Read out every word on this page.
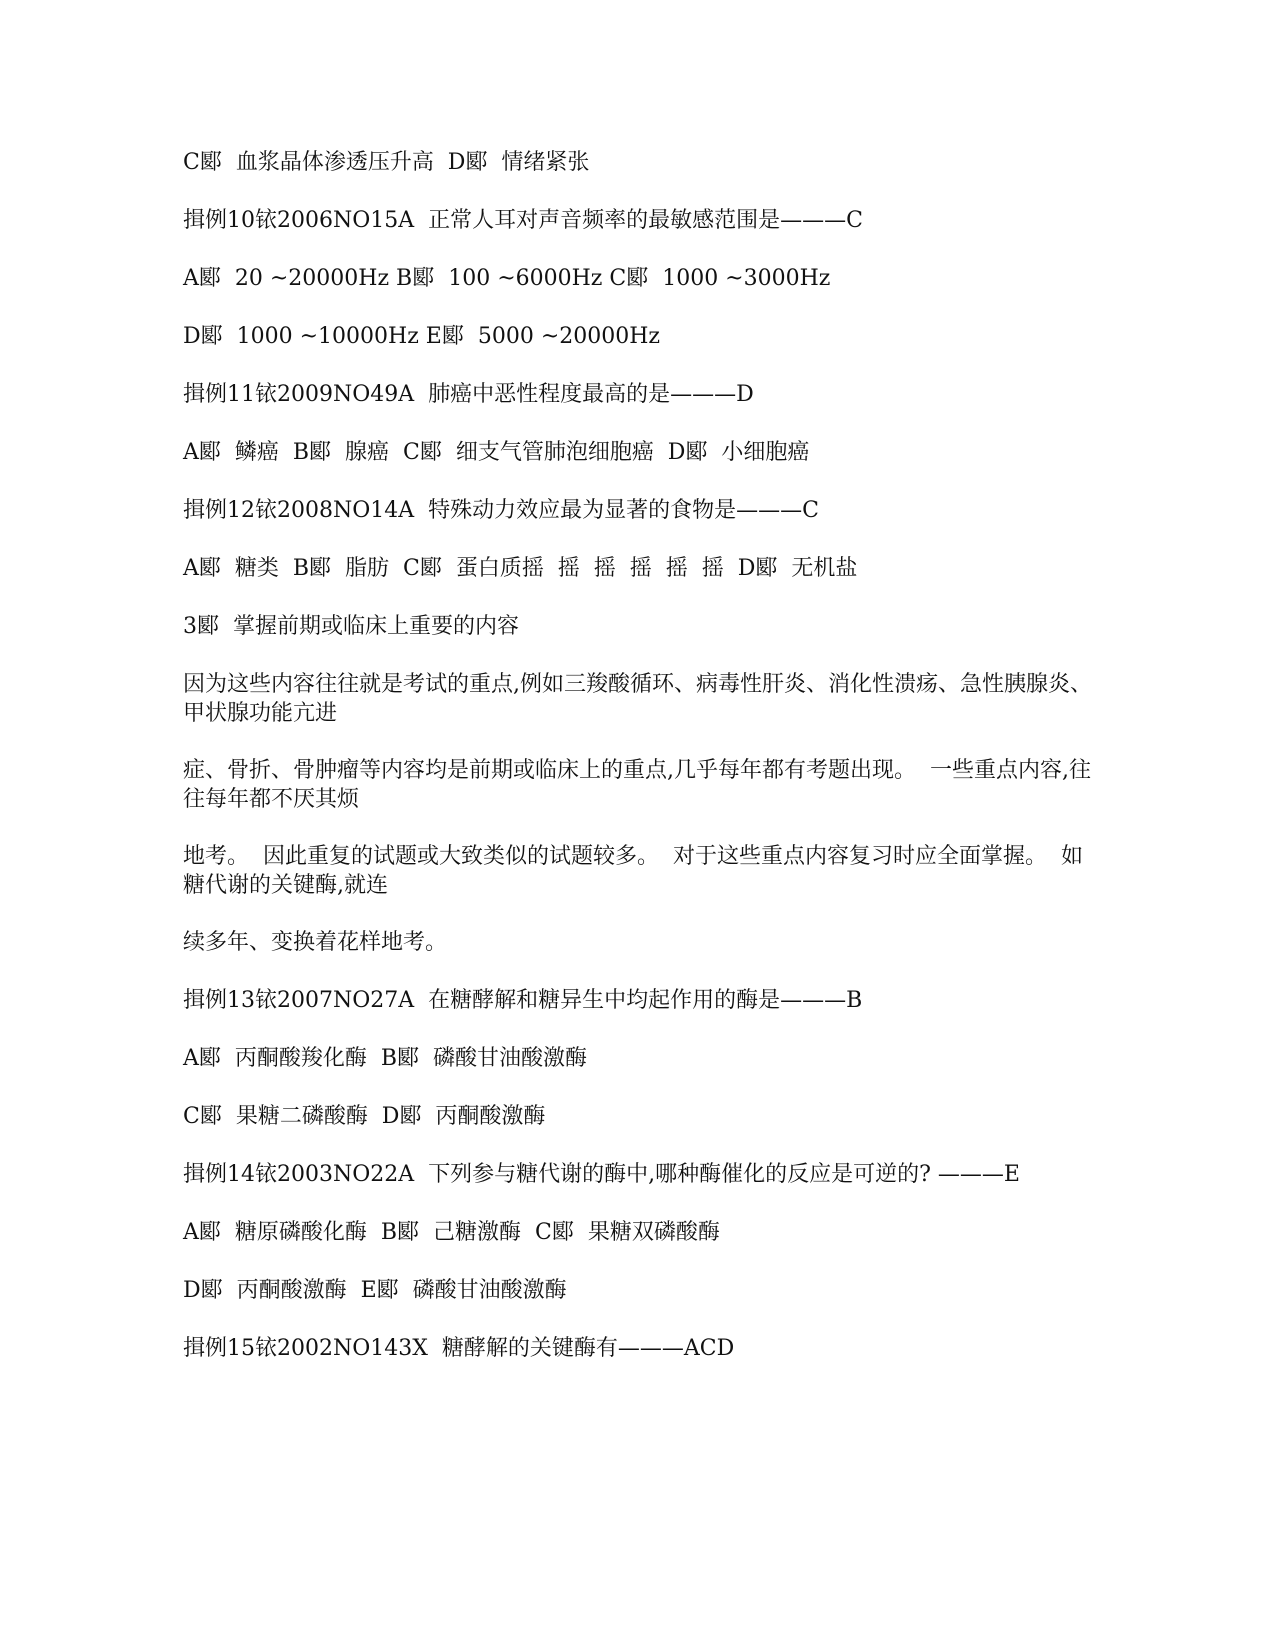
C郾  血浆晶体渗透压升高  D郾  情绪紧张

揖例10铱2006NO15A  正常人耳对声音频率的最敏感范围是———C

A郾  20 ~20000Hz B郾  100 ~6000Hz C郾  1000 ~3000Hz

D郾  1000 ~10000Hz E郾  5000 ~20000Hz

揖例11铱2009NO49A  肺癌中恶性程度最高的是———D

A郾  鳞癌  B郾  腺癌  C郾  细支气管肺泡细胞癌  D郾  小细胞癌

揖例12铱2008NO14A  特殊动力效应最为显著的食物是———C

A郾  糖类  B郾  脂肪  C郾  蛋白质摇  摇  摇  摇  摇  摇  D郾  无机盐

3郾  掌握前期或临床上重要的内容

因为这些内容往往就是考试的重点,例如三羧酸循环、病毒性肝炎、消化性溃疡、急性胰腺炎、甲状腺功能亢进

症、骨折、骨肿瘤等内容均是前期或临床上的重点,几乎每年都有考题出现。  一些重点内容,往往每年都不厌其烦

地考。  因此重复的试题或大致类似的试题较多。  对于这些重点内容复习时应全面掌握。  如糖代谢的关键酶,就连

续多年、变换着花样地考。

揖例13铱2007NO27A  在糖酵解和糖异生中均起作用的酶是———B

A郾  丙酮酸羧化酶  B郾  磷酸甘油酸激酶

C郾  果糖二磷酸酶  D郾  丙酮酸激酶

揖例14铱2003NO22A  下列参与糖代谢的酶中,哪种酶催化的反应是可逆的? ———E

A郾  糖原磷酸化酶  B郾  己糖激酶  C郾  果糖双磷酸酶

D郾  丙酮酸激酶  E郾  磷酸甘油酸激酶

揖例15铱2002NO143X  糖酵解的关键酶有———ACD
